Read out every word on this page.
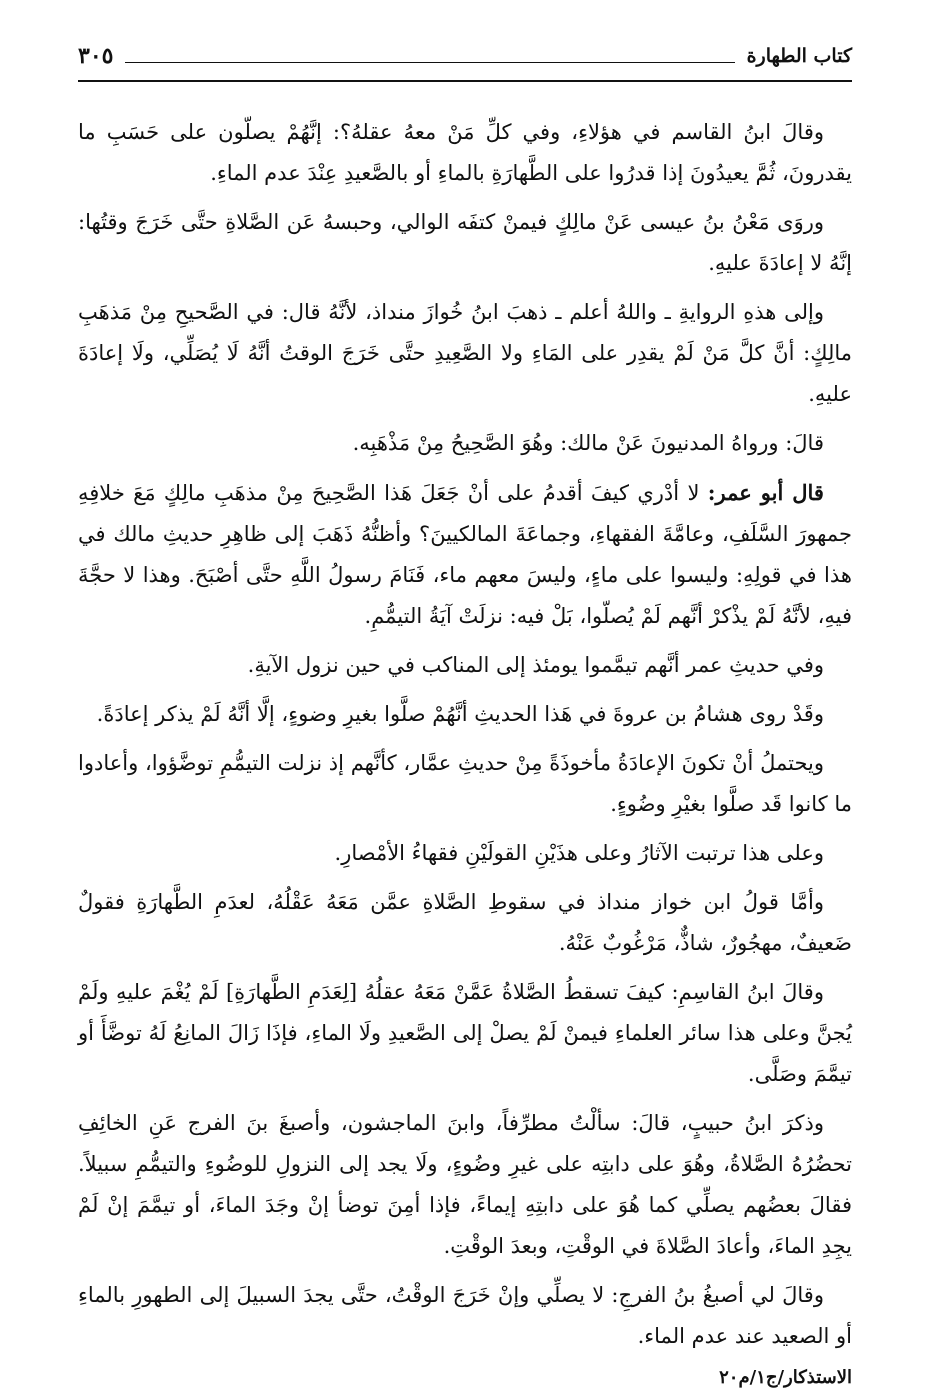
كتاب الطهارة
٣٠٥

وقالَ ابنُ القاسم في هؤلاءِ، وفي كلِّ مَنْ معهُ عقلهُ؟: إنَّهُمْ يصلّون على حَسَبِ ما يقدرونَ، ثُمَّ يعيدُونَ إذا قدرُوا على الطَّهارَةِ بالماءِ أو بالصَّعيدِ عِنْدَ عدم الماءِ.

وروَى مَعْنُ بنُ عيسى عَنْ مالِكٍ فيمنْ كتفَه الوالي، وحبسهُ عَن الصَّلاةِ حتَّى خَرَجَ وقتُها: إنَّهُ لا إعادَةَ عليهِ.

وإلى هذهِ الروايةِ ـ واللهُ أعلم ـ ذهبَ ابنُ خُوازَ منداذ، لأنَّهُ قال: في الصَّحيحِ مِنْ مَذهَبِ مالِكٍ: أنَّ كلَّ مَنْ لَمْ يقدِر على المَاءِ ولا الصَّعِيدِ حتَّى خَرَجَ الوقتُ أنَّهُ لَا يُصَلِّي، ولَا إعادَةَ عليهِ.

قالَ: ورواهُ المدنيونَ عَنْ مالك: وهُوَ الصَّحِيحُ مِنْ مَذْهَبِه.

قال أبو عمر: لا أدْري كيفَ أقدمُ على أنْ جَعَلَ هَذا الصَّحِيحَ مِنْ مذهَبِ مالِكٍ مَعَ خلافِهِ جمهورَ السَّلَفِ، وعامَّةَ الفقهاءِ، وجماعَةَ المالكيينَ؟ وأظنُّهُ ذَهَبَ إلى ظاهِرِ حديثِ مالك في هذا في قولِهِ: وليسوا على ماءٍ، وليسَ معهم ماء، فَنَامَ رسولُ اللَّهِ حتَّى أصْبَحَ. وهذا لا حجَّةَ فيهِ، لأنَّهُ لَمْ يذْكرْ أنَّهم لَمْ يُصلّوا، بَلْ فيه: نزلَتْ آيَةُ التيمُّمِ.

وفي حديثِ عمر أنَّهم تيمَّموا يومئذ إلى المناكب في حين نزول الآيةِ.

وقَدْ روى هشامُ بن عروةَ في هَذا الحديثِ أنَّهُمْ صلَّوا بغيرِ وضوءٍ، إلَّا أنَّهُ لَمْ يذكر إعادَةً.

ويحتملُ أنْ تكونَ الإعادَةُ مأخوذَةً مِنْ حديثِ عمَّار، كأنَّهم إذ نزلت التيمُّمِ توضَّؤوا، وأعادوا ما كانوا قَد صلَّوا بغيْرِ وضُوءٍ.

وعلى هذا ترتبت الآثارُ وعلى هذَيْنِ القولَيْنِ فقهاءُ الأمْصارِ.

وأمَّا قولُ ابن خواز منداذ في سقوطِ الصَّلاةِ عمَّن مَعَهُ عَقْلُهُ، لعدَمِ الطَّهارَةِ فقولٌ ضَعيفٌ، مهجُورٌ، شاذٌّ، مَرْغُوبٌ عَنْهُ.

وقالَ ابنُ القاسِمِ: كيفَ تسقطُ الصَّلاةُ عَمَّنْ مَعَهُ عقلُهُ [لِعَدَمِ الطَّهارَةِ] لَمْ يُغْمَ عليهِ ولَمْ يُجنَّ وعلى هذا سائر العلماءِ فيمنْ لَمْ يصلْ إلى الصَّعيدِ ولَا الماءِ، فإذَا زَالَ المانِعُ لَهُ توضَّأَ أو تيمَّمَ وصَلَّى.

وذكرَ ابنُ حبيبٍ، قالَ: سألْتُ مطرِّفاً، وابنَ الماجشون، وأصبغَ بنَ الفرج عَنِ الخائِفِ تحضُرُهُ الصَّلاةُ، وهُوَ على دابتِه على غيرِ وضُوءٍ، ولَا يجد إلى النزولِ للوضُوءِ والتيمُّمِ سبيلاً. فقالَ بعضُهم يصلِّي كما هُوَ على دابتِهِ إيماءً، فإذا أمِنَ توضأ إنْ وجَدَ الماءَ، أو تيمَّمَ إنْ لَمْ يجِدِ الماءَ، وأعادَ الصَّلاةَ في الوقْتِ، وبعدَ الوقْتِ.

وقالَ لي أصبغُ بنُ الفرجِ: لا يصلِّي وإنْ خَرَجَ الوقْتُ، حتَّى يجدَ السبيلَ إلى الطهورِ بالماءِ أو الصعيد عند عدم الماء.

الاستذكار/ج١/م٢٠
